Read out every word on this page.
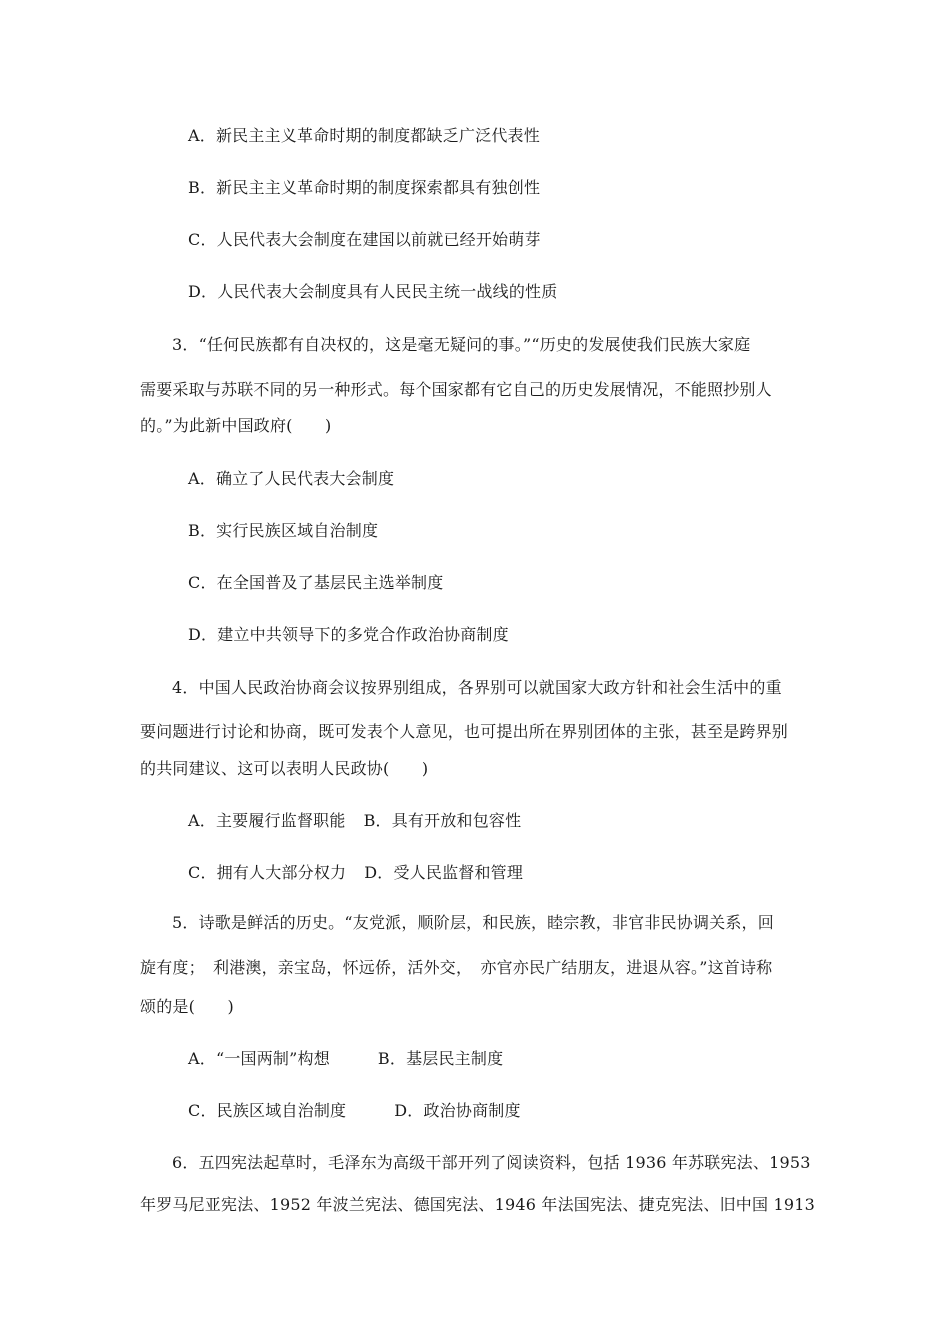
A．新民主主义革命时期的制度都缺乏广泛代表性
B．新民主主义革命时期的制度探索都具有独创性
C．人民代表大会制度在建国以前就已经开始萌芽
D．人民代表大会制度具有人民民主统一战线的性质
3．“任何民族都有自决权的，这是毫无疑问的事。”“历史的发展使我们民族大家庭
需要采取与苏联不同的另一种形式。每个国家都有它自己的历史发展情况，不能照抄别人
的。”为此新中国政府(　　)
A．确立了人民代表大会制度
B．实行民族区域自治制度
C．在全国普及了基层民主选举制度
D．建立中共领导下的多党合作政治协商制度
4．中国人民政治协商会议按界别组成，各界别可以就国家大政方针和社会生活中的重
要问题进行讨论和协商，既可发表个人意见，也可提出所在界别团体的主张，甚至是跨界别
的共同建议、这可以表明人民政协(　　)
A．主要履行监督职能 B．具有开放和包容性
C．拥有人大部分权力 D．受人民监督和管理
5．诗歌是鲜活的历史。“友党派，顺阶层，和民族，睦宗教，非官非民协调关系，回
旋有度；　利港澳，亲宝岛，怀远侨，活外交，　亦官亦民广结朋友，进退从容。”这首诗称
颂的是(　　)
A．“一国两制”构想	B．基层民主制度
C．民族区域自治制度	D．政治协商制度
6．五四宪法起草时，毛泽东为高级干部开列了阅读资料，包括 1936 年苏联宪法、1953
年罗马尼亚宪法、1952 年波兰宪法、德国宪法、1946 年法国宪法、捷克宪法、旧中国 1913
